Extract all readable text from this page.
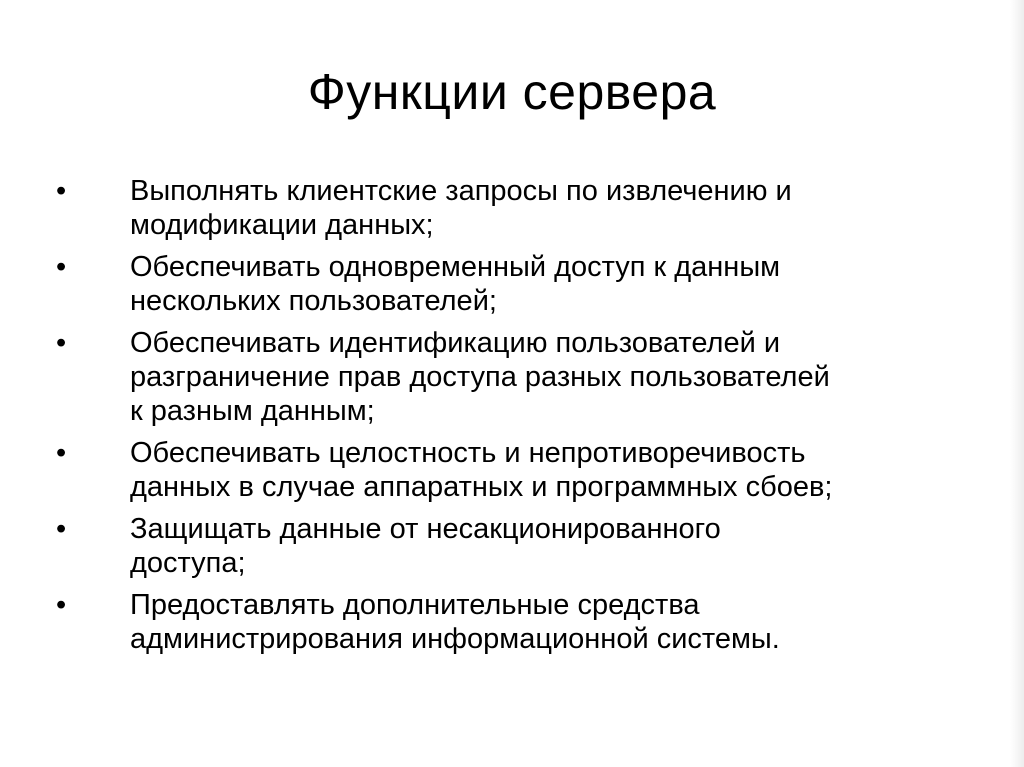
Функции сервера
•	Выполнять клиентские запросы по извлечению и
модификации данных;
•	Обеспечивать одновременный доступ к данным
нескольких пользователей;
•	Обеспечивать идентификацию пользователей и
разграничение прав доступа разных пользователей
к разным данным;
•	Обеспечивать целостность и непротиворечивость
данных в случае аппаратных и программных сбоев;
•	Защищать данные от несакционированного
доступа;
•	Предоставлять дополнительные средства
администрирования информационной системы.
